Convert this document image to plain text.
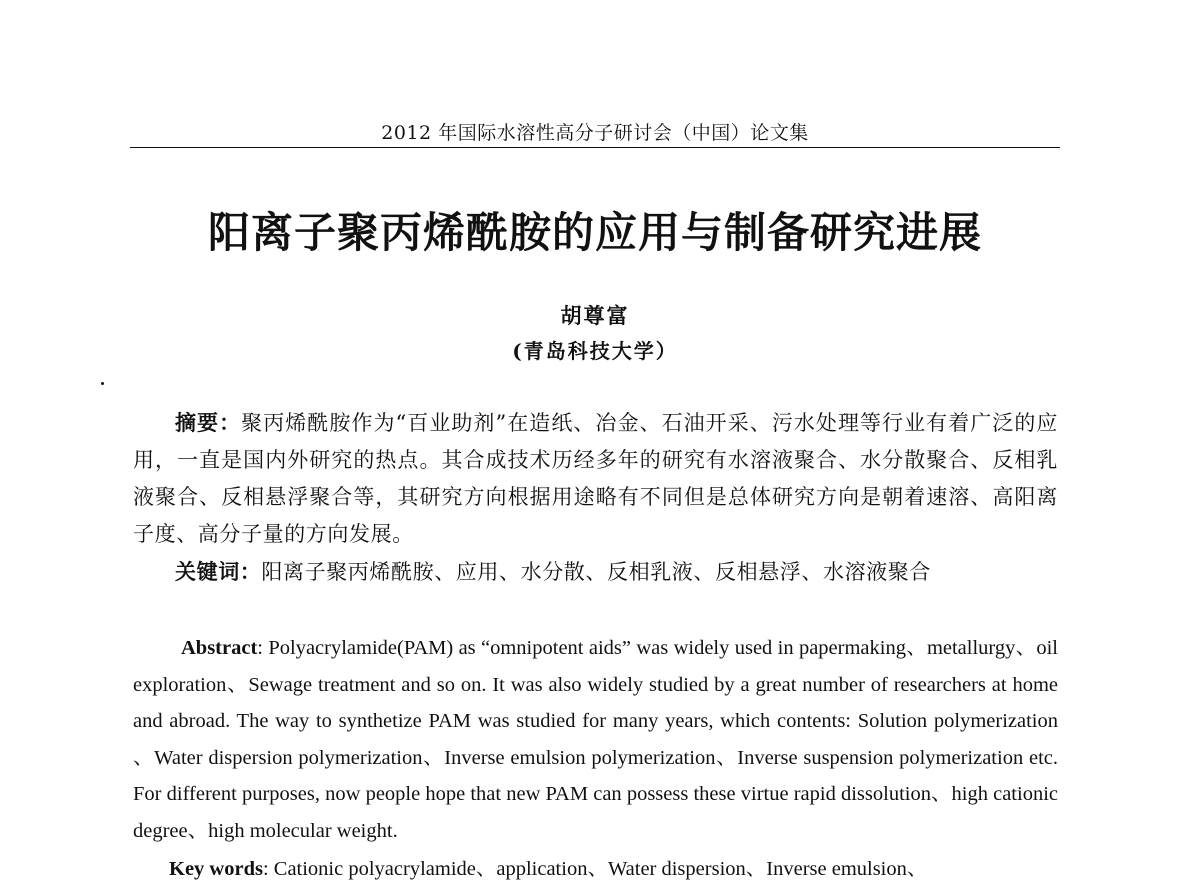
2012 年国际水溶性高分子研讨会（中国）论文集
阳离子聚丙烯酰胺的应用与制备研究进展
胡尊富
(青岛科技大学）

摘要：聚丙烯酰胺作为“百业助剂”在造纸、冶金、石油开采、污水处理等行业有着广泛的应用，一直是国内外研究的热点。其合成技术历经多年的研究有水溶液聚合、水分散聚合、反相乳液聚合、反相悬浮聚合等，其研究方向根据用途略有不同但是总体研究方向是朝着速溶、高阳离子度、高分子量的方向发展。

关键词：阳离子聚丙烯酰胺、应用、水分散、反相乳液、反相悬浮、水溶液聚合

Abstract: Polyacrylamide(PAM) as “omnipotent aids” was widely used in papermaking、metallurgy、oil exploration、Sewage treatment and so on. It was also widely studied by a great number of researchers at home and abroad. The way to synthetize PAM was studied for many years, which contents: Solution polymerization 、Water dispersion polymerization、Inverse emulsion polymerization、Inverse suspension polymerization etc. For different purposes, now people hope that new PAM can possess these virtue rapid dissolution、high cationic degree、high molecular weight.

Key words: Cationic polyacrylamide、application、Water dispersion、Inverse emulsion、
